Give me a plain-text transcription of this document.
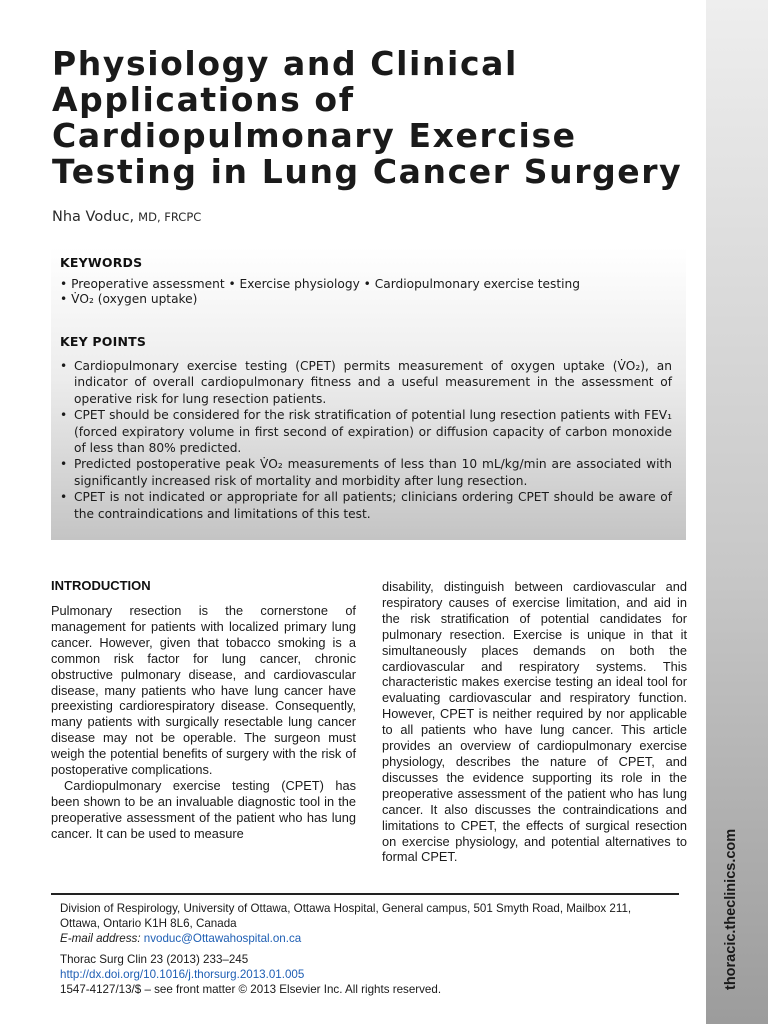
thoracic.theclinics.com
Physiology and Clinical
Applications of
Cardiopulmonary Exercise
Testing in Lung Cancer Surgery
Nha Voduc, MD, FRCPC
KEYWORDS
• Preoperative assessment • Exercise physiology • Cardiopulmonary exercise testing
• V̇O₂ (oxygen uptake)
KEY POINTS
• Cardiopulmonary exercise testing (CPET) permits measurement of oxygen uptake (V̇O₂), an indicator of overall cardiopulmonary fitness and a useful measurement in the assessment of operative risk for lung resection patients.
• CPET should be considered for the risk stratification of potential lung resection patients with FEV₁ (forced expiratory volume in first second of expiration) or diffusion capacity of carbon monoxide of less than 80% predicted.
• Predicted postoperative peak V̇O₂ measurements of less than 10 mL/kg/min are associated with significantly increased risk of mortality and morbidity after lung resection.
• CPET is not indicated or appropriate for all patients; clinicians ordering CPET should be aware of the contraindications and limitations of this test.
INTRODUCTION

Pulmonary resection is the cornerstone of management for patients with localized primary lung cancer. However, given that tobacco smoking is a common risk factor for lung cancer, chronic obstructive pulmonary disease, and cardiovascular disease, many patients who have lung cancer have preexisting cardiorespiratory disease. Consequently, many patients with surgically resectable lung cancer disease may not be operable. The surgeon must weigh the potential benefits of surgery with the risk of postoperative complications.

Cardiopulmonary exercise testing (CPET) has been shown to be an invaluable diagnostic tool in the preoperative assessment of the patient who has lung cancer. It can be used to measure

disability, distinguish between cardiovascular and respiratory causes of exercise limitation, and aid in the risk stratification of potential candidates for pulmonary resection. Exercise is unique in that it simultaneously places demands on both the cardiovascular and respiratory systems. This characteristic makes exercise testing an ideal tool for evaluating cardiovascular and respiratory function. However, CPET is neither required by nor applicable to all patients who have lung cancer. This article provides an overview of cardiopulmonary exercise physiology, describes the nature of CPET, and discusses the evidence supporting its role in the preoperative assessment of the patient who has lung cancer. It also discusses the contraindications and limitations to CPET, the effects of surgical resection on exercise physiology, and potential alternatives to formal CPET.

Division of Respirology, University of Ottawa, Ottawa Hospital, General campus, 501 Smyth Road, Mailbox 211,
Ottawa, Ontario K1H 8L6, Canada
E-mail address: nvoduc@Ottawahospital.on.ca
Thorac Surg Clin 23 (2013) 233–245
http://dx.doi.org/10.1016/j.thorsurg.2013.01.005
1547-4127/13/$ – see front matter © 2013 Elsevier Inc. All rights reserved.
